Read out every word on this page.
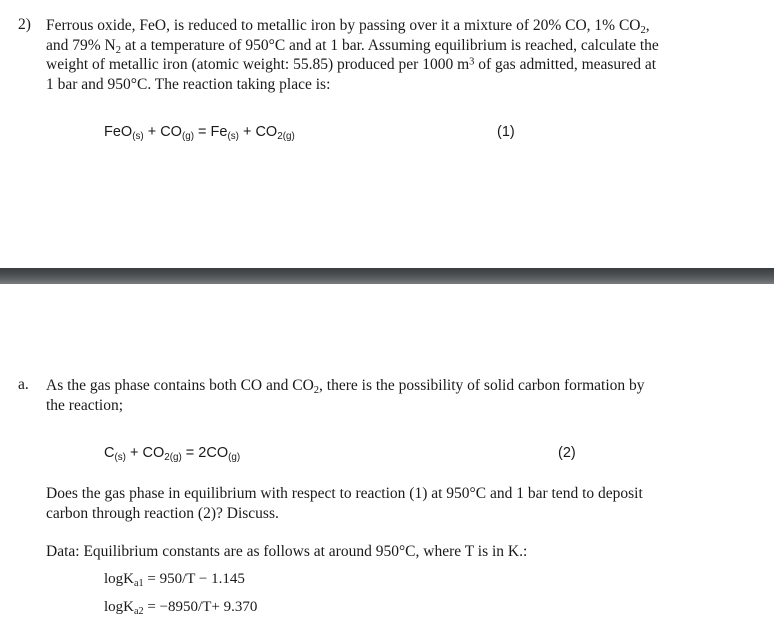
2) Ferrous oxide, FeO, is reduced to metallic iron by passing over it a mixture of 20% CO, 1% $CO_2$,
and 79% $N_2$ at a temperature of 950°C and at 1 bar. Assuming equilibrium is reached, calculate the
weight of metallic iron (atomic weight: 55.85) produced per 1000 $m^3$ of gas admitted, measured at
1 bar and 950°C. The reaction taking place is:
$FeO_{(s)} + CO_{(g)} = Fe_{(s)} + CO_{2(g)}$	(1)
a. As the gas phase contains both CO and $CO_2$, there is the possibility of solid carbon formation by
the reaction;
$C_{(s)} + CO_{2(g)} = 2CO_{(g)}$	(2)
Does the gas phase in equilibrium with respect to reaction (1) at 950°C and 1 bar tend to deposit
carbon through reaction (2)? Discuss.
Data: Equilibrium constants are as follows at around 950°C, where T is in K.:
logK$_{a1}$ = 950/T − 1.145
logK$_{a2}$ = −8950/T+ 9.370
